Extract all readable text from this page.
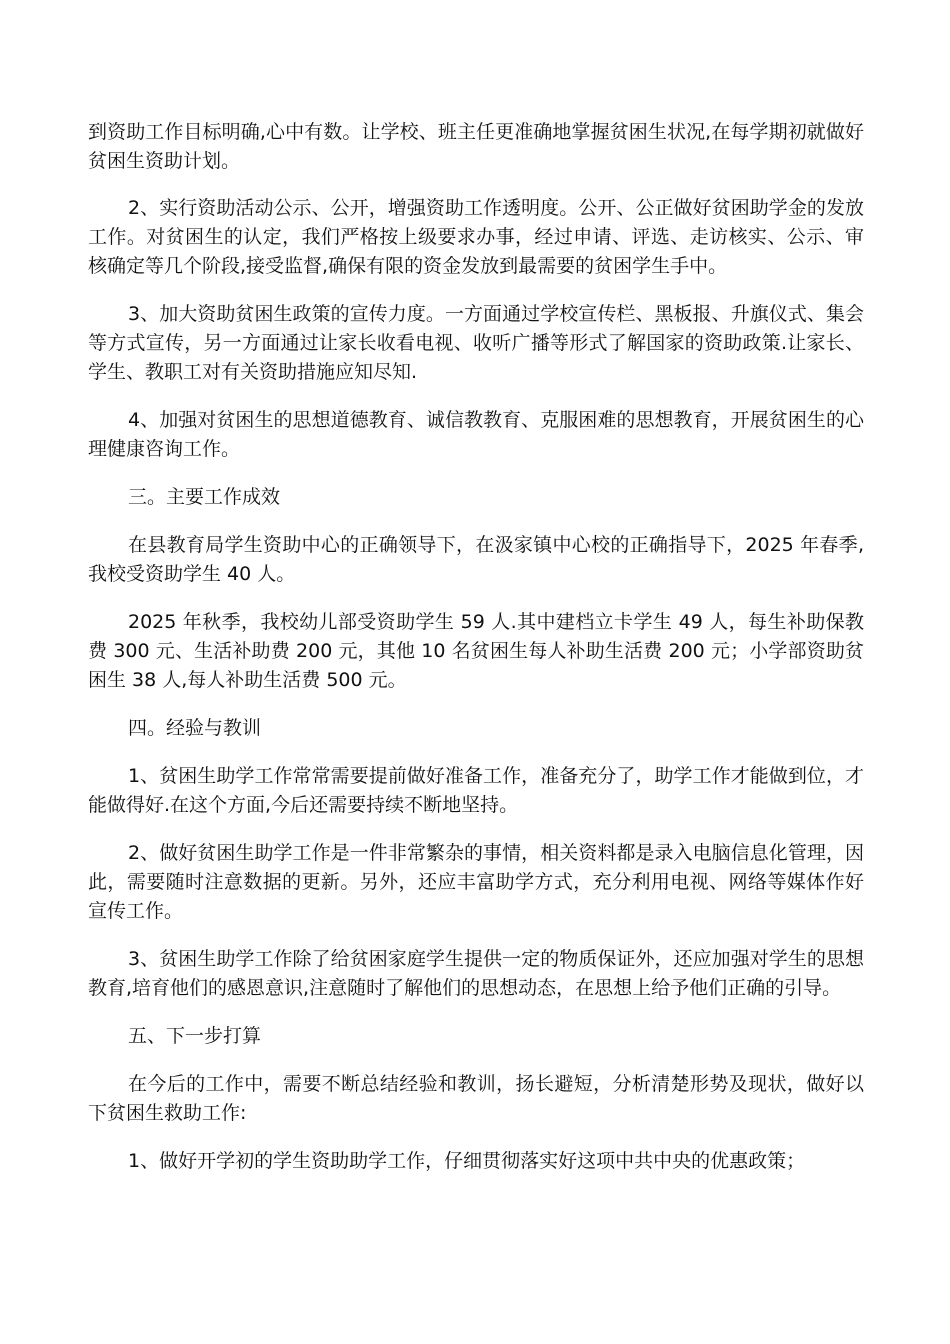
到资助工作目标明确,心中有数。让学校、班主任更准确地掌握贫困生状况,在每学期初就做好贫困生资助计划。

2、实行资助活动公示、公开，增强资助工作透明度。公开、公正做好贫困助学金的发放工作。对贫困生的认定，我们严格按上级要求办事，经过申请、评选、走访核实、公示、审核确定等几个阶段,接受监督,确保有限的资金发放到最需要的贫困学生手中。

3、加大资助贫困生政策的宣传力度。一方面通过学校宣传栏、黑板报、升旗仪式、集会等方式宣传，另一方面通过让家长收看电视、收听广播等形式了解国家的资助政策.让家长、学生、教职工对有关资助措施应知尽知.

4、加强对贫困生的思想道德教育、诚信教教育、克服困难的思想教育，开展贫困生的心理健康咨询工作。

三。主要工作成效

在县教育局学生资助中心的正确领导下，在汲家镇中心校的正确指导下，2025 年春季,我校受资助学生 40 人。

2025 年秋季，我校幼儿部受资助学生 59 人.其中建档立卡学生 49 人，每生补助保教费 300 元、生活补助费 200 元，其他 10 名贫困生每人补助生活费 200 元；小学部资助贫困生 38 人,每人补助生活费 500 元。

四。经验与教训

1、贫困生助学工作常常需要提前做好准备工作，准备充分了，助学工作才能做到位，才能做得好.在这个方面,今后还需要持续不断地坚持。

2、做好贫困生助学工作是一件非常繁杂的事情，相关资料都是录入电脑信息化管理，因此，需要随时注意数据的更新。另外，还应丰富助学方式，充分利用电视、网络等媒体作好宣传工作。

3、贫困生助学工作除了给贫困家庭学生提供一定的物质保证外，还应加强对学生的思想教育,培育他们的感恩意识,注意随时了解他们的思想动态，在思想上给予他们正确的引导。

五、下一步打算

在今后的工作中，需要不断总结经验和教训，扬长避短，分析清楚形势及现状，做好以下贫困生救助工作:

1、做好开学初的学生资助助学工作，仔细贯彻落实好这项中共中央的优惠政策；
